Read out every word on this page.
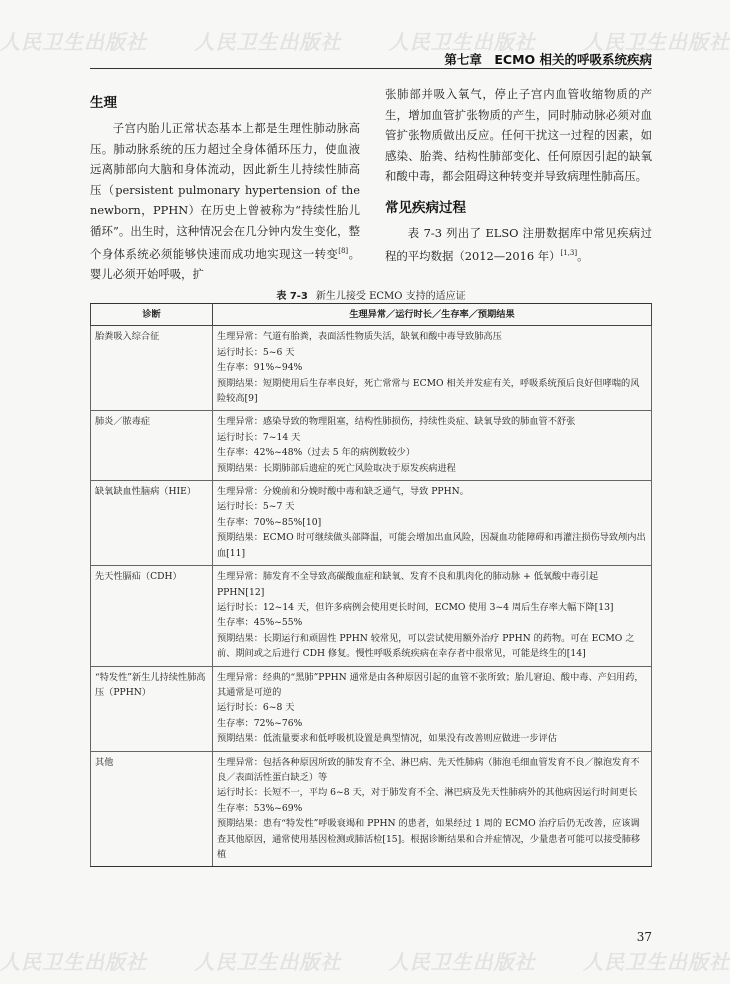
人民卫生出版社 人民卫生出版社 人民卫生出版社 人民卫生出版社
人民卫生出版社 人民卫生出版社 人民卫生出版社 人民卫生出版社
第七章　ECMO 相关的呼吸系统疾病
生理

子宫内胎儿正常状态基本上都是生理性肺动脉高压。肺动脉系统的压力超过全身体循环压力，使血液远离肺部向大脑和身体流动，因此新生儿持续性肺高压（persistent pulmonary hypertension of the newborn，PPHN）在历史上曾被称为“持续性胎儿循环”。出生时，这种情况会在几分钟内发生变化，整个身体系统必须能够快速而成功地实现这一转变[8]。婴儿必须开始呼吸，扩

张肺部并吸入氧气，停止子宫内血管收缩物质的产生，增加血管扩张物质的产生，同时肺动脉必须对血管扩张物质做出反应。任何干扰这一过程的因素，如感染、胎粪、结构性肺部变化、任何原因引起的缺氧和酸中毒，都会阻碍这种转变并导致病理性肺高压。

常见疾病过程

表 7-3 列出了 ELSO 注册数据库中常见疾病过程的平均数据（2012—2016 年）[1,3]。

表 7-3 新生儿接受 ECMO 支持的适应证
诊断	生理异常／运行时长／生存率／预期结果
胎粪吸入综合征	生理异常：气道有胎粪，表面活性物质失活，缺氧和酸中毒导致肺高压
运行时长：5~6 天
生存率：91%~94%
预期结果：短期使用后生存率良好，死亡常常与 ECMO 相关并发症有关，呼吸系统预后良好但哮喘的风险较高[9]

肺炎／脓毒症	生理异常：感染导致的物理阻塞，结构性肺损伤，持续性炎症、缺氧导致的肺血管不舒张
运行时长：7~14 天
生存率：42%~48%（过去 5 年的病例数较少）
预期结果：长期肺部后遗症的死亡风险取决于原发疾病进程

缺氧缺血性脑病（HIE）	生理异常：分娩前和分娩时酸中毒和缺乏通气，导致 PPHN。
运行时长：5~7 天
生存率：70%~85%[10]
预期结果：ECMO 时可继续做头部降温，可能会增加出血风险，因凝血功能障碍和再灌注损伤导致颅内出血[11]

先天性膈疝（CDH）	生理异常：肺发育不全导致高碳酸血症和缺氧、发育不良和肌肉化的肺动脉 + 低氧酸中毒引起 PPHN[12]
运行时长：12~14 天，但许多病例会使用更长时间，ECMO 使用 3~4 周后生存率大幅下降[13]
生存率：45%~55%
预期结果：长期运行和顽固性 PPHN 较常见，可以尝试使用额外治疗 PPHN 的药物。可在 ECMO 之前、期间或之后进行 CDH 修复。慢性呼吸系统疾病在幸存者中很常见，可能是终生的[14]

“特发性”新生儿持续性肺高压（PPHN）	生理异常：经典的“黑肺”PPHN 通常是由各种原因引起的血管不张所致；胎儿窘迫、酸中毒、产妇用药，其通常是可逆的
运行时长：6~8 天
生存率：72%~76%
预期结果：低流量要求和低呼吸机设置是典型情况，如果没有改善则应做进一步评估

其他	生理异常：包括各种原因所致的肺发育不全、淋巴病、先天性肺病（肺泡毛细血管发育不良／腺泡发育不良／表面活性蛋白缺乏）等
运行时长：长短不一，平均 6~8 天，对于肺发育不全、淋巴病及先天性肺病外的其他病因运行时间更长
生存率：53%~69%
预期结果：患有“特发性”呼吸衰竭和 PPHN 的患者，如果经过 1 周的 ECMO 治疗后仍无改善，应该调查其他原因，通常使用基因检测或肺活检[15]。根据诊断结果和合并症情况，少量患者可能可以接受肺移植
37
